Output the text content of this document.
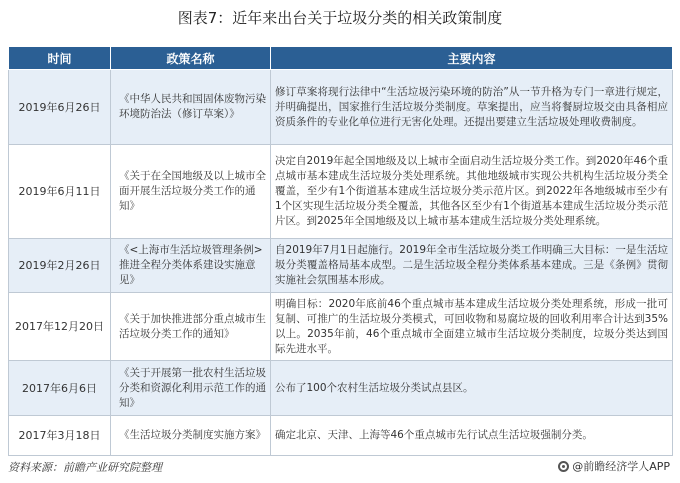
图表7：近年来出台关于垃圾分类的相关政策制度
时间	政策名称	主要内容
2019年6月26日	《中华人民共和国固体废物污染环境防治法（修订草案）》	修订草案将现行法律中“生活垃圾污染环境的防治”从一节升格为专门一章进行规定，并明确提出，国家推行生活垃圾分类制度。草案提出，应当将餐厨垃圾交由具备相应资质条件的专业化单位进行无害化处理。还提出要建立生活垃圾处理收费制度。
2019年6月11日	《关于在全国地级及以上城市全面开展生活垃圾分类工作的通知》	决定自2019年起全国地级及以上城市全面启动生活垃圾分类工作。到2020年46个重点城市基本建成生活垃圾分类处理系统。其他地级城市实现公共机构生活垃圾分类全覆盖，至少有1个街道基本建成生活垃圾分类示范片区。到2022年各地级城市至少有1个区实现生活垃圾分类全覆盖，其他各区至少有1个街道基本建成生活垃圾分类示范片区。到2025年全国地级及以上城市基本建成生活垃圾分类处理系统。
2019年2月26日	《<上海市生活垃圾管理条例>推进全程分类体系建设实施意见》	自2019年7月1日起施行。2019年全市生活垃圾分类工作明确三大目标：一是生活垃圾分类覆盖格局基本成型。二是生活垃圾全程分类体系基本建成。三是《条例》贯彻实施社会氛围基本形成。
2017年12月20日	《关于加快推进部分重点城市生活垃圾分类工作的通知》	明确目标：2020年底前46个重点城市基本建成生活垃圾分类处理系统，形成一批可复制、可推广的生活垃圾分类模式，可回收物和易腐垃圾的回收利用率合计达到35%以上。2035年前，46个重点城市全面建立城市生活垃圾分类制度，垃圾分类达到国际先进水平。
2017年6月6日	《关于开展第一批农村生活垃圾分类和资源化利用示范工作的通知》	公布了100个农村生活垃圾分类试点县区。
2017年3月18日	《生活垃圾分类制度实施方案》	确定北京、天津、上海等46个重点城市先行试点生活垃圾强制分类。
资料来源：前瞻产业研究院整理	@前瞻经济学人APP
